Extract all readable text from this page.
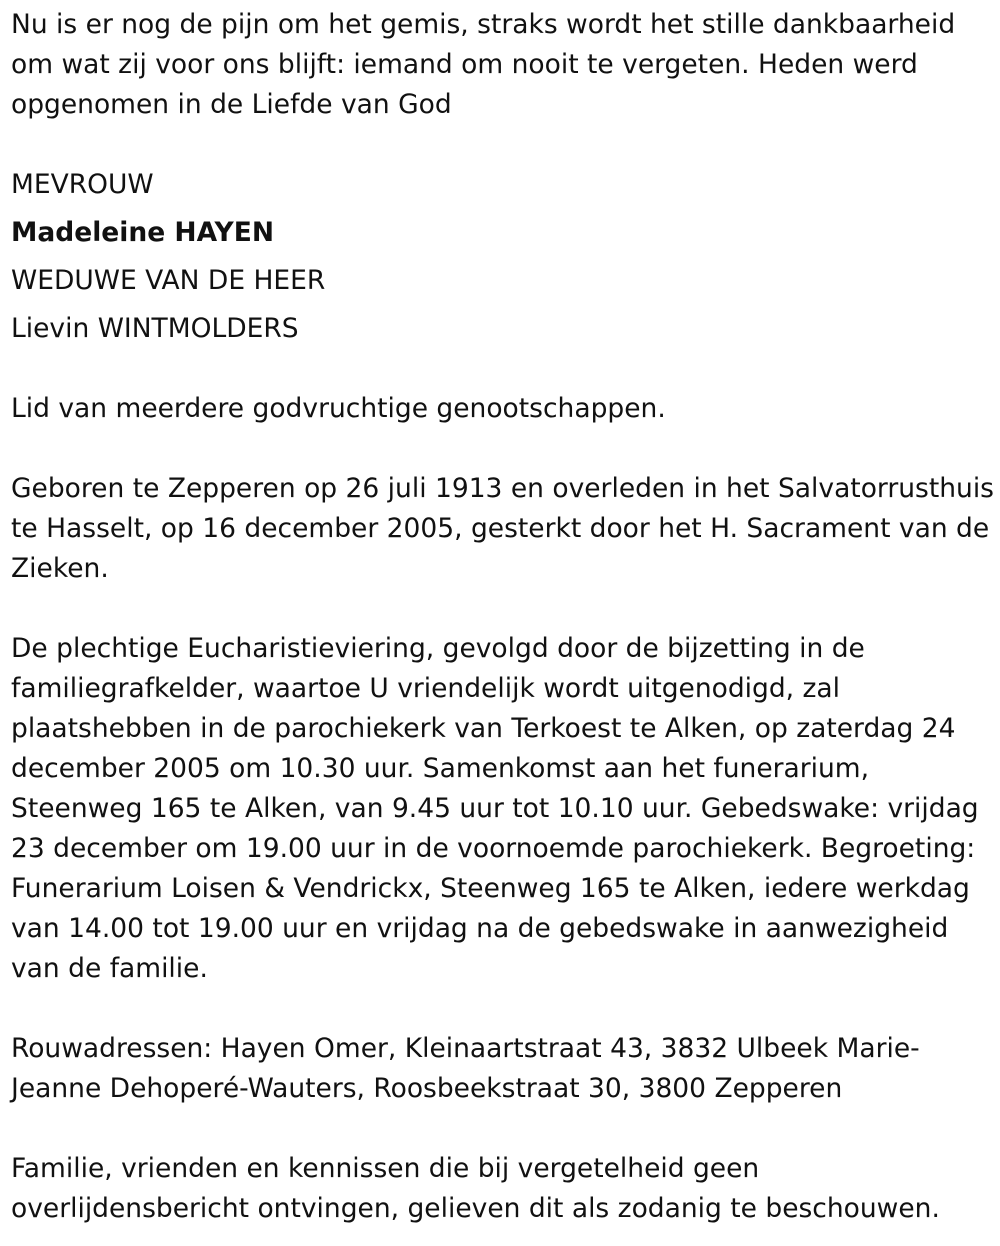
Nu is er nog de pijn om het gemis, straks wordt het stille dankbaarheid om wat zij voor ons blijft: iemand om nooit te vergeten. Heden werd opgenomen in de Liefde van God

MEVROUW

Madeleine HAYEN

WEDUWE VAN DE HEER

Lievin WINTMOLDERS

Lid van meerdere godvruchtige genootschappen.

Geboren te Zepperen op 26 juli 1913 en overleden in het Salvatorrusthuis te Hasselt, op 16 december 2005, gesterkt door het H. Sacrament van de Zieken.

De plechtige Eucharistieviering, gevolgd door de bijzetting in de familiegrafkelder, waartoe U vriendelijk wordt uitgenodigd, zal plaatshebben in de parochiekerk van Terkoest te Alken, op zaterdag 24 december 2005 om 10.30 uur. Samenkomst aan het funerarium, Steenweg 165 te Alken, van 9.45 uur tot 10.10 uur. Gebedswake: vrijdag 23 december om 19.00 uur in de voornoemde parochiekerk. Begroeting: Funerarium Loisen & Vendrickx, Steenweg 165 te Alken, iedere werkdag van 14.00 tot 19.00 uur en vrijdag na de gebedswake in aanwezigheid van de familie.

Rouwadressen: Hayen Omer, Kleinaartstraat 43, 3832 Ulbeek Marie-Jeanne Dehoperé-Wauters, Roosbeekstraat 30, 3800 Zepperen

Familie, vrienden en kennissen die bij vergetelheid geen overlijdensbericht ontvingen, gelieven dit als zodanig te beschouwen.
